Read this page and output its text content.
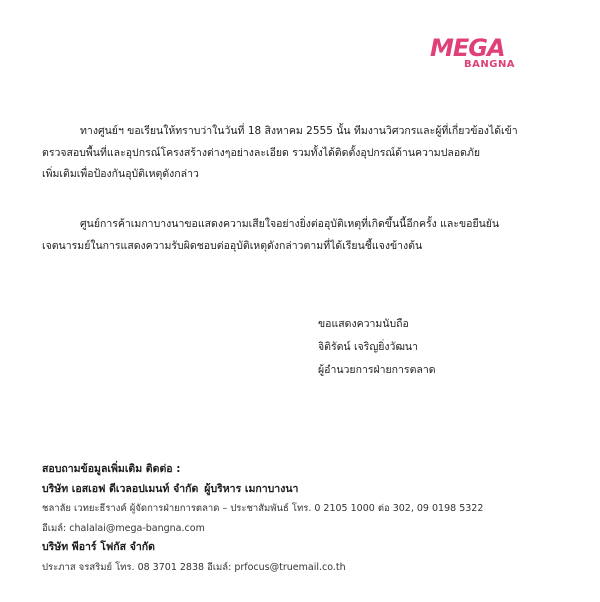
MEGA
BANGNA
ทางศูนย์ฯ ขอเรียนให้ทราบว่าในวันที่ 18 สิงหาคม 2555 นั้น ทีมงานวิศวกรและผู้ที่เกี่ยวข้องได้เข้า
ตรวจสอบพื้นที่และอุปกรณ์โครงสร้างต่างๆอย่างละเอียด รวมทั้งได้ติดตั้งอุปกรณ์ด้านความปลอดภัย
เพิ่มเติมเพื่อป้องกันอุบัติเหตุดังกล่าว
ศูนย์การค้าเมกาบางนาขอแสดงความเสียใจอย่างยิ่งต่ออุบัติเหตุที่เกิดขึ้นนี้อีกครั้ง และขอยืนยัน
เจตนารมย์ในการแสดงความรับผิดชอบต่ออุบัติเหตุดังกล่าวตามที่ได้เรียนชี้แจงข้างต้น
ขอแสดงความนับถือ
จิติรัตน์ เจริญยิ่งวัฒนา
ผู้อำนวยการฝ่ายการตลาด
สอบถามข้อมูลเพิ่มเติม ติดต่อ :
บริษัท เอสเอฟ ดีเวลอปเมนท์ จำกัด ผู้บริหาร เมกาบางนา
ชลาลัย เวทยะธีรางค์ ผู้จัดการฝ่ายการตลาด – ประชาสัมพันธ์ โทร. 0 2105 1000 ต่อ 302, 09 0198 5322
อีเมล์: chalalai@mega-bangna.com
บริษัท พีอาร์ โฟกัส จำกัด
ประภาส จรสริมย์ โทร. 08 3701 2838 อีเมล์: prfocus@truemail.co.th
